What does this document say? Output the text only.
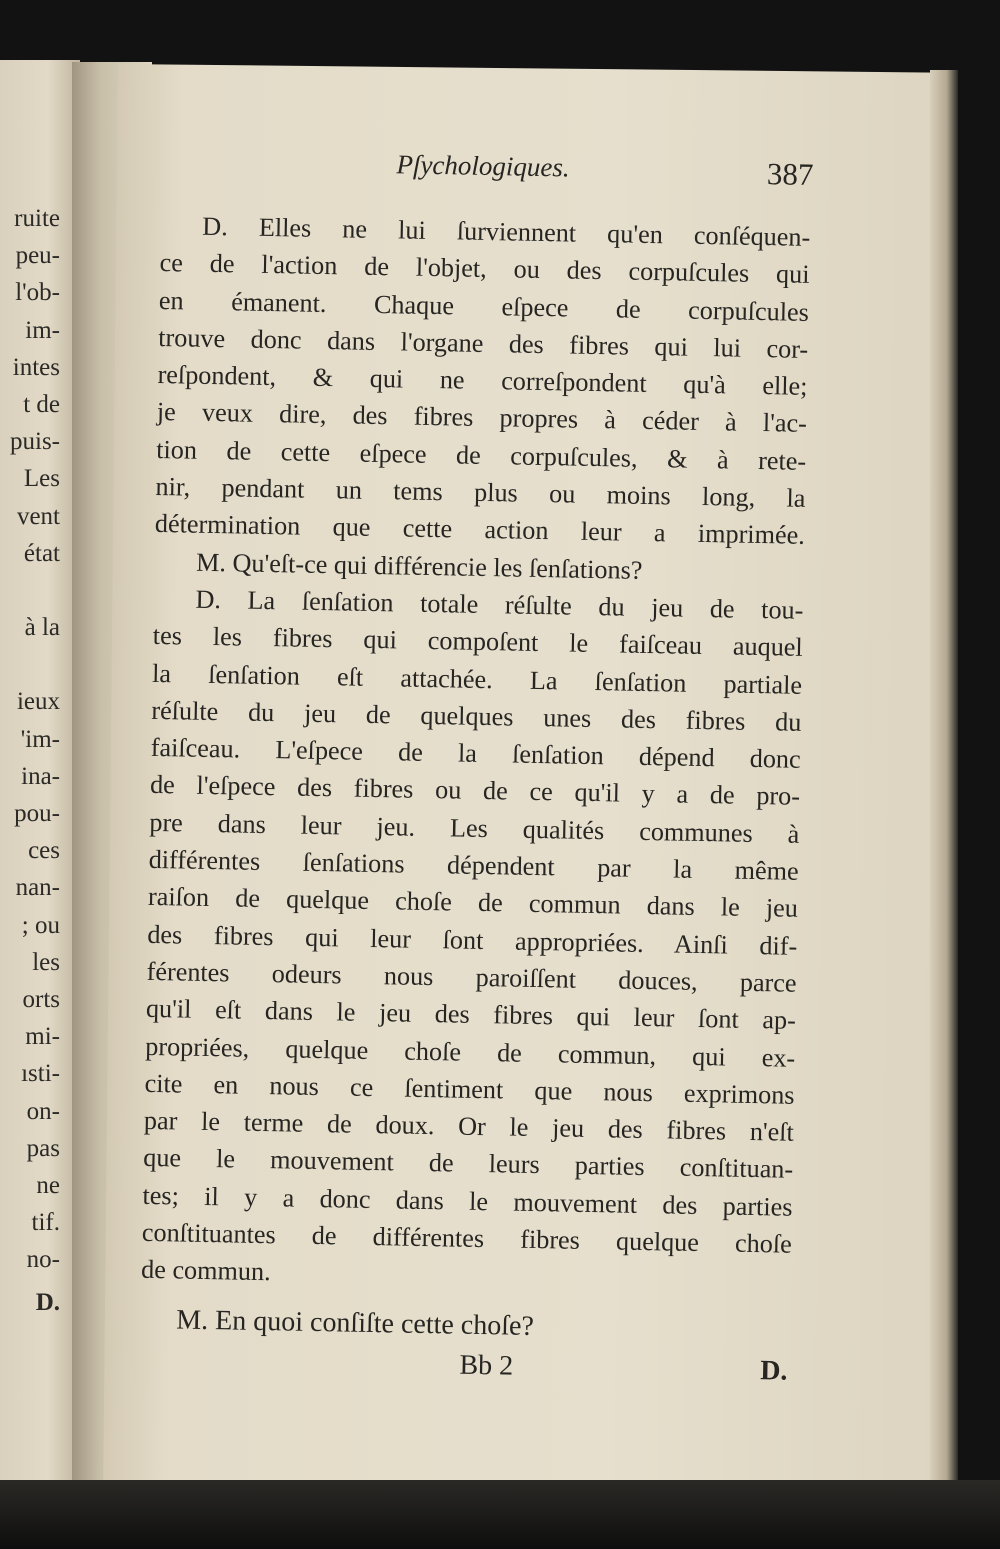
ruite
peu-
l'ob-
im-
intes
t de
puis-
Les
vent
état
à la
ieux
'im-
ina-
pou-
ces
nan-
; ou
les
orts
mi-
ısti-
on-
pas
ne
tif.
no-
D.
Pſychologiques.	387
D. Elles ne lui ſurviennent qu'en conſéquen-
ce de l'action de l'objet, ou des corpuſcules qui
en émanent. Chaque eſpece de corpuſcules
trouve donc dans l'organe des fibres qui lui cor-
reſpondent, & qui ne correſpondent qu'à elle;
je veux dire, des fibres propres à céder à l'ac-
tion de cette eſpece de corpuſcules, & à rete-
nir, pendant un tems plus ou moins long, la
détermination que cette action leur a imprimée.
M. Qu'eſt-ce qui différencie les ſenſations?
D. La ſenſation totale réſulte du jeu de tou-
tes les fibres qui compoſent le faiſceau auquel
la ſenſation eſt attachée. La ſenſation partiale
réſulte du jeu de quelques unes des fibres du
faiſceau. L'eſpece de la ſenſation dépend donc
de l'eſpece des fibres ou de ce qu'il y a de pro-
pre dans leur jeu. Les qualités communes à
différentes ſenſations dépendent par la même
raiſon de quelque choſe de commun dans le jeu
des fibres qui leur ſont appropriées. Ainſi dif-
férentes odeurs nous paroiſſent douces, parce
qu'il eſt dans le jeu des fibres qui leur ſont ap-
propriées, quelque choſe de commun, qui ex-
cite en nous ce ſentiment que nous exprimons
par le terme de doux. Or le jeu des fibres n'eſt
que le mouvement de leurs parties conſtituan-
tes; il y a donc dans le mouvement des parties
conſtituantes de différentes fibres quelque choſe
de commun.
M. En quoi conſiſte cette choſe?
Bb 2	D.
